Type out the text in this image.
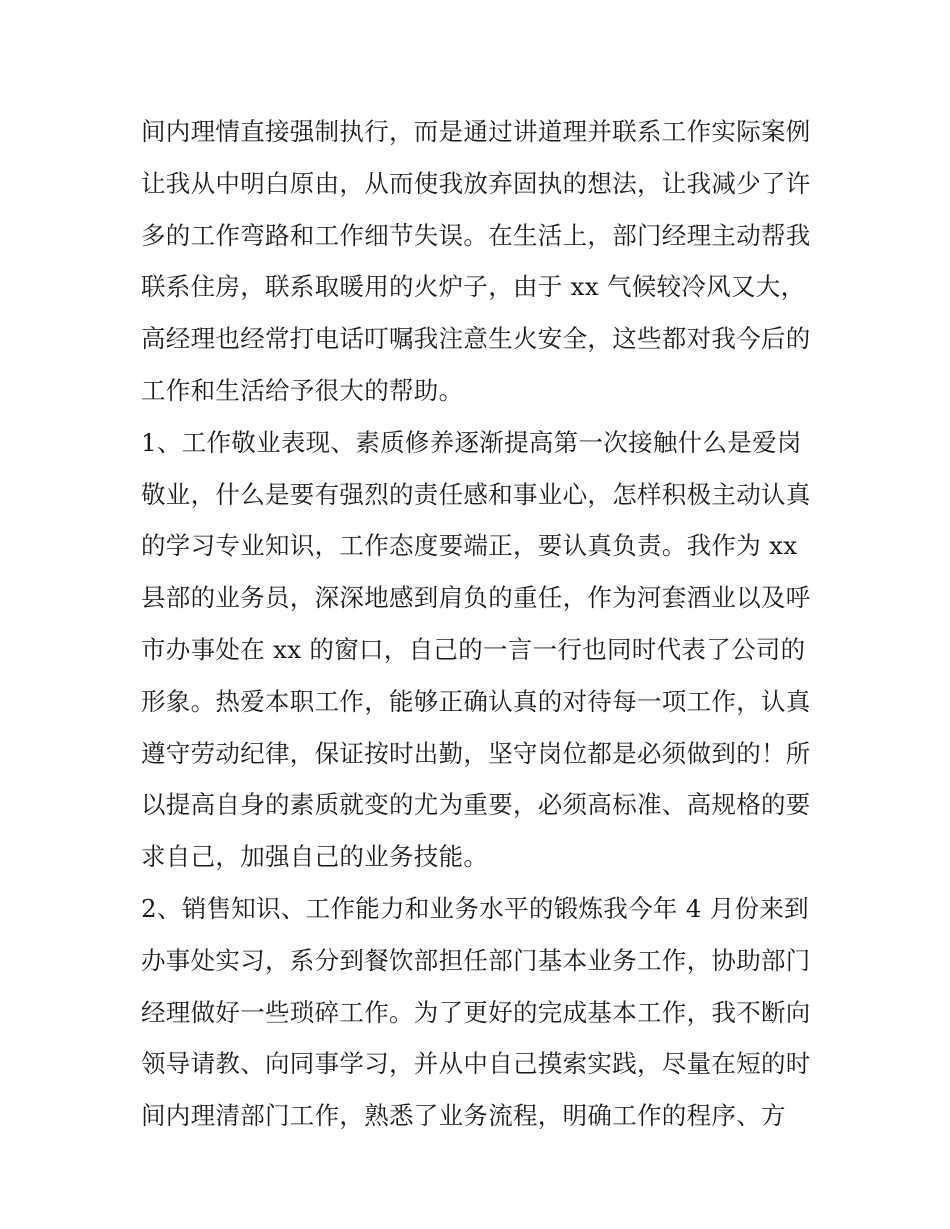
间内理情直接强制执行，而是通过讲道理并联系工作实际案例
让我从中明白原由，从而使我放弃固执的想法，让我减少了许
多的工作弯路和工作细节失误。在生活上，部门经理主动帮我
联系住房，联系取暖用的火炉子，由于 xx 气候较冷风又大，
高经理也经常打电话叮嘱我注意生火安全，这些都对我今后的
工作和生活给予很大的帮助。
1、工作敬业表现、素质修养逐渐提高第一次接触什么是爱岗
敬业，什么是要有强烈的责任感和事业心，怎样积极主动认真
的学习专业知识，工作态度要端正，要认真负责。我作为 xx
县部的业务员，深深地感到肩负的重任，作为河套酒业以及呼
市办事处在 xx 的窗口，自己的一言一行也同时代表了公司的
形象。热爱本职工作，能够正确认真的对待每一项工作，认真
遵守劳动纪律，保证按时出勤，坚守岗位都是必须做到的！所
以提高自身的素质就变的尤为重要，必须高标准、高规格的要
求自己，加强自己的业务技能。
2、销售知识、工作能力和业务水平的锻炼我今年 4 月份来到
办事处实习，系分到餐饮部担任部门基本业务工作，协助部门
经理做好一些琐碎工作。为了更好的完成基本工作，我不断向
领导请教、向同事学习，并从中自己摸索实践，尽量在短的时
间内理清部门工作，熟悉了业务流程，明确工作的程序、方
